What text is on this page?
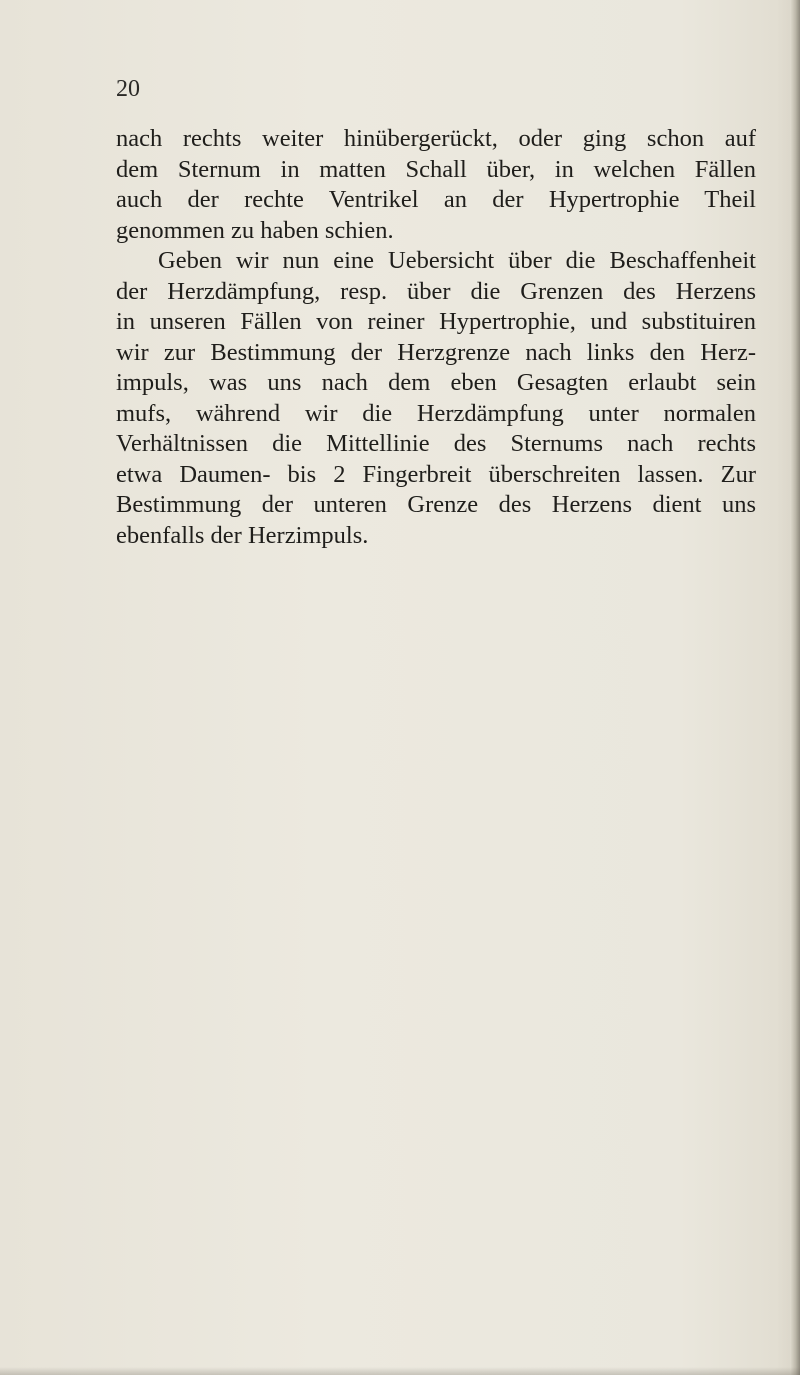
20

nach rechts weiter hinübergerückt, oder ging schon auf
dem Sternum in matten Schall über, in welchen Fällen
auch der rechte Ventrikel an der Hypertrophie Theil
genommen zu haben schien.
Geben wir nun eine Uebersicht über die Beschaffenheit
der Herzdämpfung, resp. über die Grenzen des Herzens
in unseren Fällen von reiner Hypertrophie, und substituiren
wir zur Bestimmung der Herzgrenze nach links den Herz-
impuls, was uns nach dem eben Gesagten erlaubt sein
mufs, während wir die Herzdämpfung unter normalen
Verhältnissen die Mittellinie des Sternums nach rechts
etwa Daumen- bis 2 Fingerbreit überschreiten lassen. Zur
Bestimmung der unteren Grenze des Herzens dient uns
ebenfalls der Herzimpuls.
